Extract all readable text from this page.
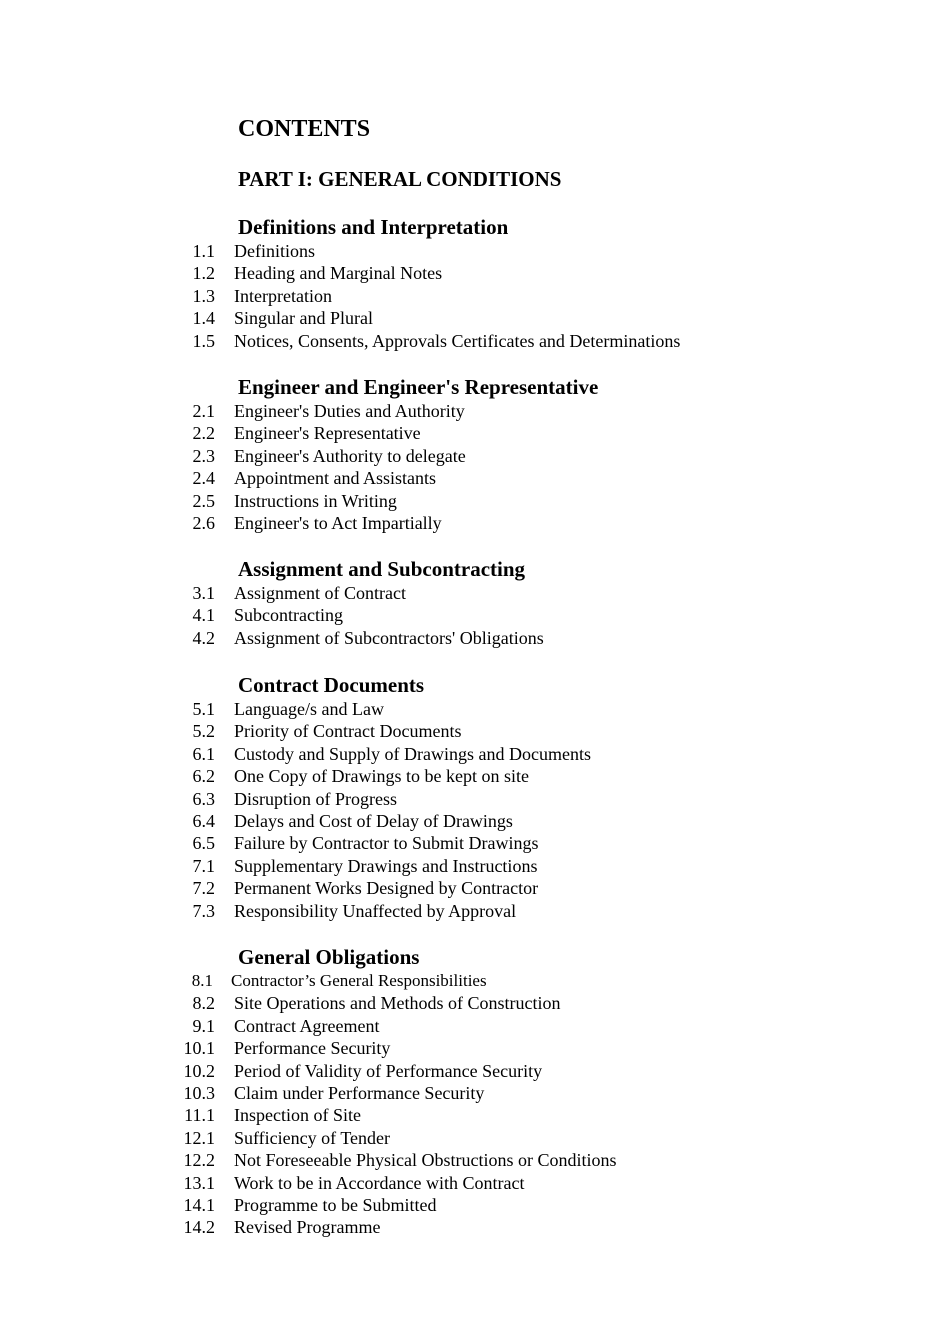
CONTENTS
PART I: GENERAL CONDITIONS
Definitions and Interpretation
1.1 Definitions
1.2 Heading and Marginal Notes
1.3 Interpretation
1.4 Singular and Plural
1.5 Notices, Consents, Approvals Certificates and Determinations
Engineer and Engineer's Representative
2.1 Engineer's Duties and Authority
2.2 Engineer's Representative
2.3 Engineer's Authority to delegate
2.4 Appointment and Assistants
2.5 Instructions in Writing
2.6 Engineer's to Act Impartially
Assignment and Subcontracting
3.1 Assignment of Contract
4.1 Subcontracting
4.2 Assignment of Subcontractors' Obligations
Contract Documents
5.1 Language/s and Law
5.2 Priority of Contract Documents
6.1 Custody and Supply of Drawings and Documents
6.2 One Copy of Drawings to be kept on site
6.3 Disruption of Progress
6.4 Delays and Cost of Delay of Drawings
6.5 Failure by Contractor to Submit Drawings
7.1 Supplementary Drawings and Instructions
7.2 Permanent Works Designed by Contractor
7.3 Responsibility Unaffected by Approval
General Obligations
8.1 Contractor’s General Responsibilities
8.2 Site Operations and Methods of Construction
9.1 Contract Agreement
10.1 Performance Security
10.2 Period of Validity of Performance Security
10.3 Claim under Performance Security
11.1 Inspection of Site
12.1 Sufficiency of Tender
12.2 Not Foreseeable Physical Obstructions or Conditions
13.1 Work to be in Accordance with Contract
14.1 Programme to be Submitted
14.2 Revised Programme
